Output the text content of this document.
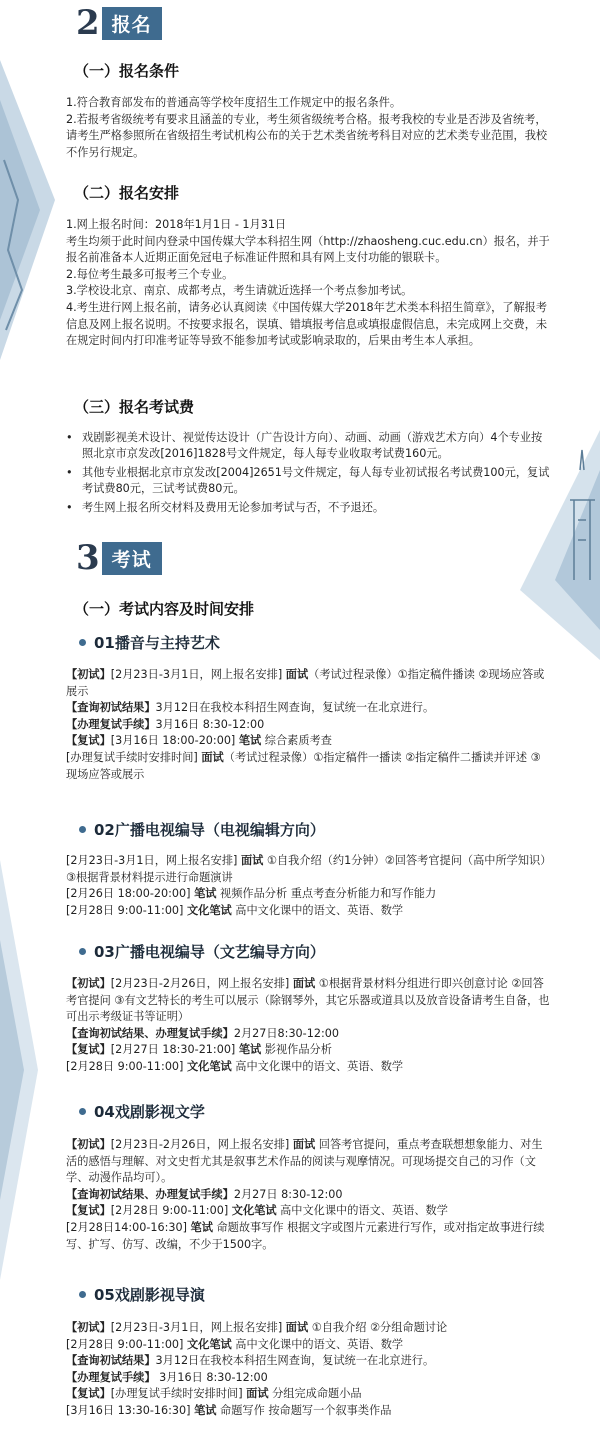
2 报名
（一）报名条件

1.符合教育部发布的普通高等学校年度招生工作规定中的报名条件。

2.若报考省级统考有要求且涵盖的专业，考生须省级统考合格。报考我校的专业是否涉及省统考，请考生严格参照所在省级招生考试机构公布的关于艺术类省统考科目对应的艺术类专业范围，我校不作另行规定。

（二）报名安排

1.网上报名时间：2018年1月1日 - 1月31日

考生均须于此时间内登录中国传媒大学本科招生网（http://zhaosheng.cuc.edu.cn）报名，并于报名前准备本人近期正面免冠电子标准证件照和具有网上支付功能的银联卡。

2.每位考生最多可报考三个专业。

3.学校设北京、南京、成都考点，考生请就近选择一个考点参加考试。

4.考生进行网上报名前，请务必认真阅读《中国传媒大学2018年艺术类本科招生简章》，了解报考信息及网上报名说明。不按要求报名，误填、错填报考信息或填报虚假信息，未完成网上交费，未在规定时间内打印准考证等导致不能参加考试或影响录取的，后果由考生本人承担。

（三）报名考试费
• 戏剧影视美术设计、视觉传达设计（广告设计方向）、动画、动画（游戏艺术方向）4个专业按照北京市京发改[2016]1828号文件规定，每人每专业收取考试费160元。
• 其他专业根据北京市京发改[2004]2651号文件规定，每人每专业初试报名考试费100元，复试考试费80元，三试考试费80元。
• 考生网上报名所交材料及费用无论参加考试与否，不予退还。
3 考试
（一）考试内容及时间安排
01播音与主持艺术

【初试】[2月23日-3月1日，网上报名安排] 面试（考试过程录像）①指定稿件播读 ②现场应答或展示

【查询初试结果】3月12日在我校本科招生网查询，复试统一在北京进行。

【办理复试手续】3月16日 8:30-12:00

【复试】[3月16日 18:00-20:00] 笔试 综合素质考查

[办理复试手续时安排时间] 面试（考试过程录像）①指定稿件一播读 ②指定稿件二播读并评述 ③现场应答或展示

02广播电视编导（电视编辑方向）

[2月23日-3月1日，网上报名安排] 面试 ①自我介绍（约1分钟）②回答考官提问（高中所学知识）③根据背景材料提示进行命题演讲

[2月26日 18:00-20:00] 笔试 视频作品分析 重点考查分析能力和写作能力

[2月28日 9:00-11:00] 文化笔试 高中文化课中的语文、英语、数学

03广播电视编导（文艺编导方向）

【初试】[2月23日-2月26日，网上报名安排] 面试 ①根据背景材料分组进行即兴创意讨论 ②回答考官提问 ③有文艺特长的考生可以展示（除钢琴外，其它乐器或道具以及放音设备请考生自备，也可出示考级证书等证明）

【查询初试结果、办理复试手续】2月27日8:30-12:00

【复试】[2月27日 18:30-21:00] 笔试 影视作品分析

[2月28日 9:00-11:00] 文化笔试 高中文化课中的语文、英语、数学

04戏剧影视文学

【初试】[2月23日-2月26日，网上报名安排] 面试 回答考官提问，重点考查联想想象能力、对生活的感悟与理解、对文史哲尤其是叙事艺术作品的阅读与观摩情况。可现场提交自己的习作（文学、动漫作品均可）。

【查询初试结果、办理复试手续】2月27日 8:30-12:00

【复试】[2月28日 9:00-11:00] 文化笔试 高中文化课中的语文、英语、数学

[2月28日14:00-16:30] 笔试 命题故事写作 根据文字或图片元素进行写作，或对指定故事进行续写、扩写、仿写、改编，不少于1500字。

05戏剧影视导演

【初试】[2月23日-3月1日，网上报名安排] 面试 ①自我介绍 ②分组命题讨论

[2月28日 9:00-11:00] 文化笔试 高中文化课中的语文、英语、数学

【查询初试结果】3月12日在我校本科招生网查询，复试统一在北京进行。

【办理复试手续】 3月16日 8:30-12:00

【复试】[办理复试手续时安排时间] 面试 分组完成命题小品

[3月16日 13:30-16:30] 笔试 命题写作 按命题写一个叙事类作品
